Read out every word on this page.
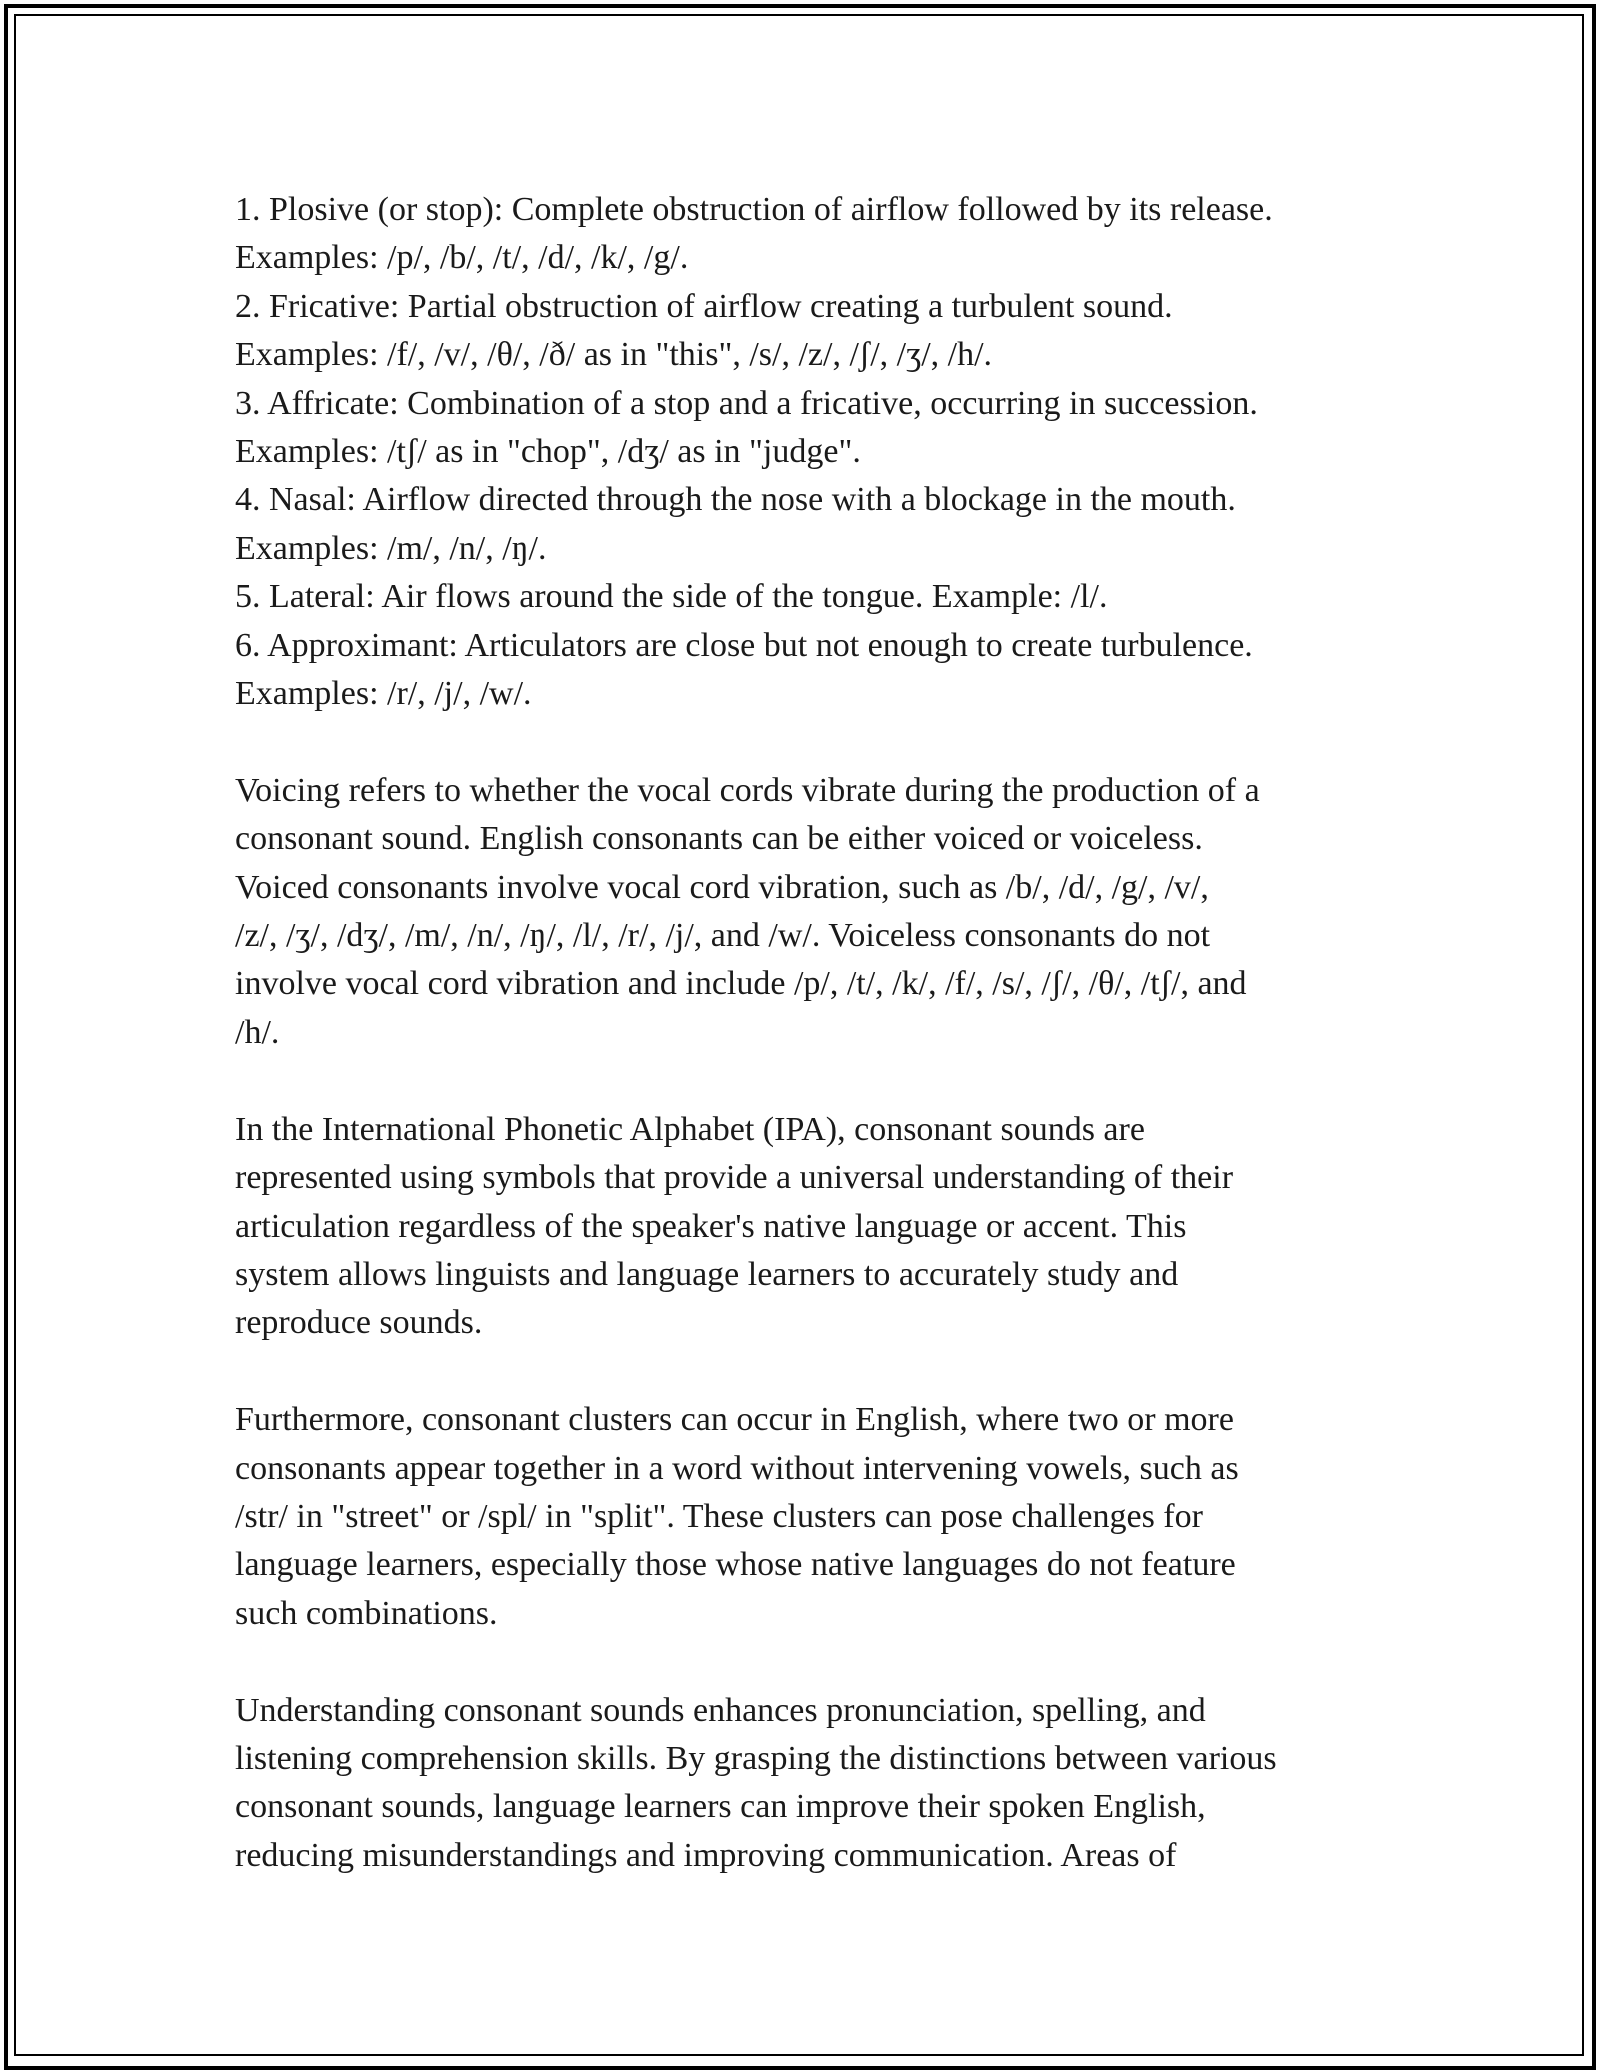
1. Plosive (or stop): Complete obstruction of airflow followed by its release.
Examples: /p/, /b/, /t/, /d/, /k/, /g/.
2. Fricative: Partial obstruction of airflow creating a turbulent sound.
Examples: /f/, /v/, /θ/, /ð/ as in "this", /s/, /z/, /ʃ/, /ʒ/, /h/.
3. Affricate: Combination of a stop and a fricative, occurring in succession.
Examples: /tʃ/ as in "chop", /dʒ/ as in "judge".
4. Nasal: Airflow directed through the nose with a blockage in the mouth.
Examples: /m/, /n/, /ŋ/.
5. Lateral: Air flows around the side of the tongue. Example: /l/.
6. Approximant: Articulators are close but not enough to create turbulence.
Examples: /r/, /j/, /w/.
Voicing refers to whether the vocal cords vibrate during the production of a
consonant sound. English consonants can be either voiced or voiceless.
Voiced consonants involve vocal cord vibration, such as /b/, /d/, /g/, /v/,
/z/, /ʒ/, /dʒ/, /m/, /n/, /ŋ/, /l/, /r/, /j/, and /w/. Voiceless consonants do not
involve vocal cord vibration and include /p/, /t/, /k/, /f/, /s/, /ʃ/, /θ/, /tʃ/, and
/h/.
In the International Phonetic Alphabet (IPA), consonant sounds are
represented using symbols that provide a universal understanding of their
articulation regardless of the speaker's native language or accent. This
system allows linguists and language learners to accurately study and
reproduce sounds.
Furthermore, consonant clusters can occur in English, where two or more
consonants appear together in a word without intervening vowels, such as
/str/ in "street" or /spl/ in "split". These clusters can pose challenges for
language learners, especially those whose native languages do not feature
such combinations.
Understanding consonant sounds enhances pronunciation, spelling, and
listening comprehension skills. By grasping the distinctions between various
consonant sounds, language learners can improve their spoken English,
reducing misunderstandings and improving communication. Areas of
